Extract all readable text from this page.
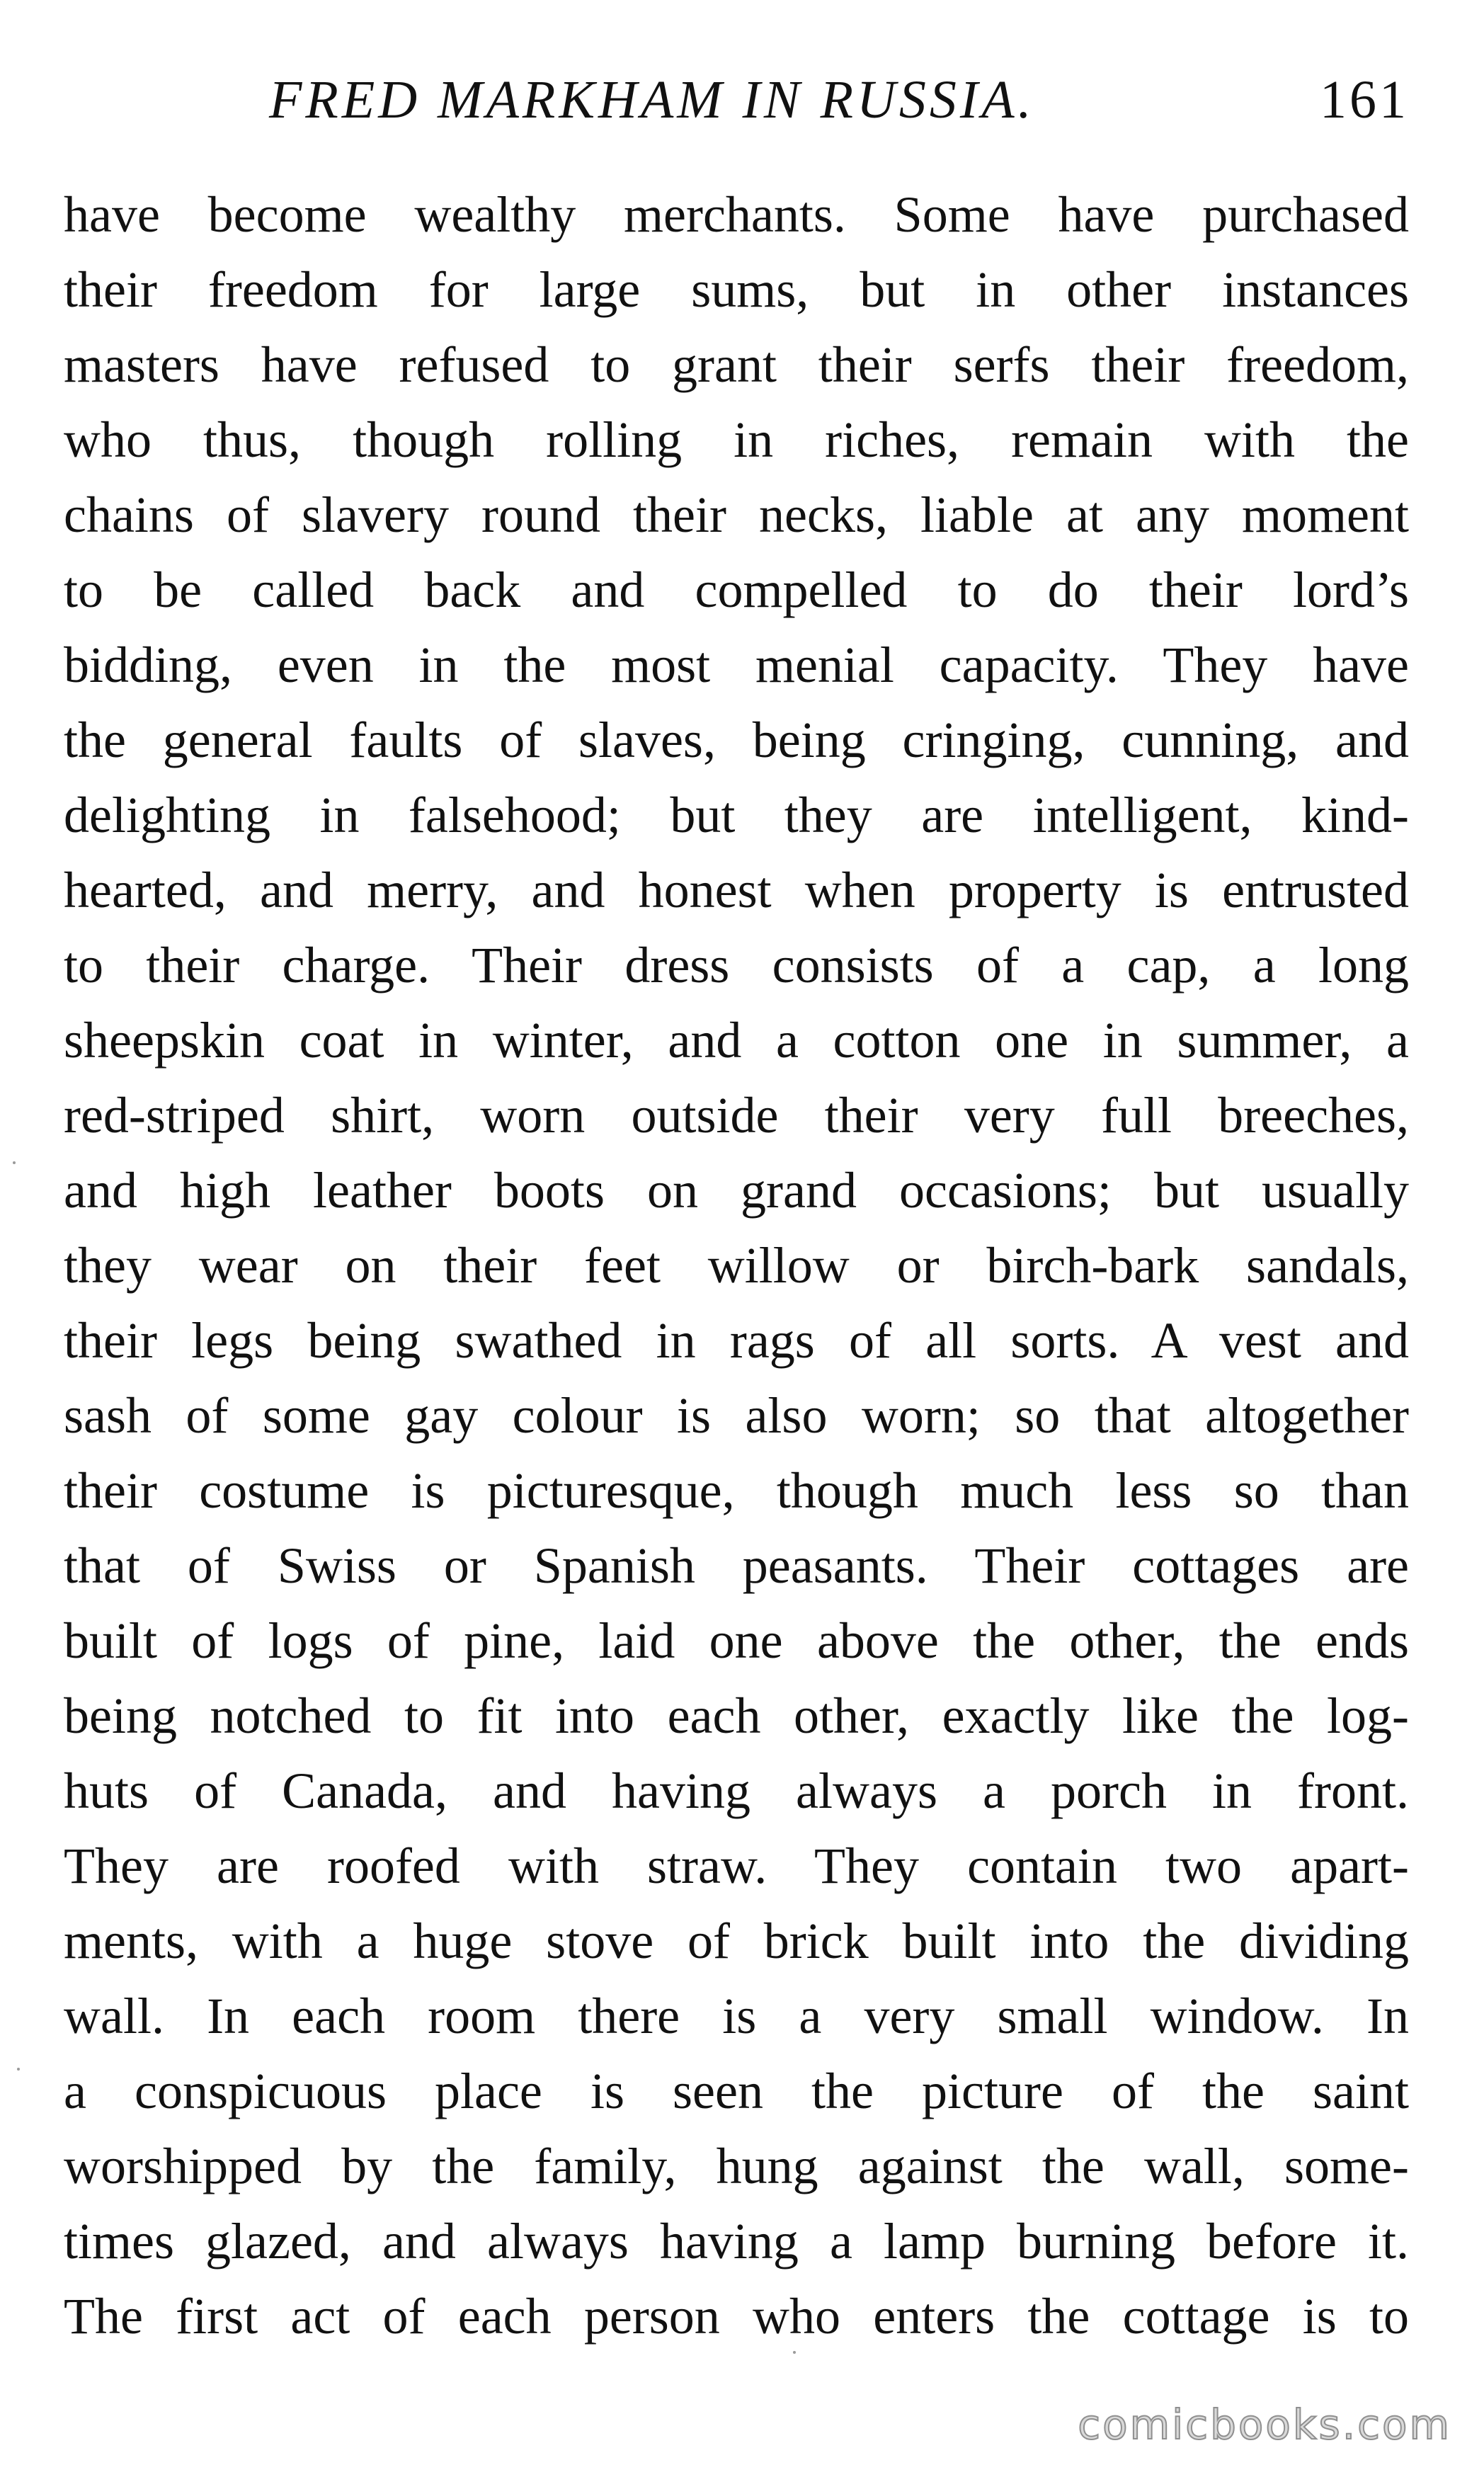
FRED MARKHAM IN RUSSIA.	161
have become wealthy merchants. Some have purchased
their freedom for large sums, but in other instances
masters have refused to grant their serfs their freedom,
who thus, though rolling in riches, remain with the
chains of slavery round their necks, liable at any moment
to be called back and compelled to do their lord’s
bidding, even in the most menial capacity. They have
the general faults of slaves, being cringing, cunning, and
delighting in falsehood; but they are intelligent, kind-
hearted, and merry, and honest when property is entrusted
to their charge. Their dress consists of a cap, a long
sheepskin coat in winter, and a cotton one in summer, a
red-striped shirt, worn outside their very full breeches,
and high leather boots on grand occasions; but usually
they wear on their feet willow or birch-bark sandals,
their legs being swathed in rags of all sorts. A vest and
sash of some gay colour is also worn; so that altogether
their costume is picturesque, though much less so than
that of Swiss or Spanish peasants. Their cottages are
built of logs of pine, laid one above the other, the ends
being notched to fit into each other, exactly like the log-
huts of Canada, and having always a porch in front.
They are roofed with straw. They contain two apart-
ments, with a huge stove of brick built into the dividing
wall. In each room there is a very small window. In
a conspicuous place is seen the picture of the saint
worshipped by the family, hung against the wall, some-
times glazed, and always having a lamp burning before it.
The first act of each person who enters the cottage is to
comicbooks.com
